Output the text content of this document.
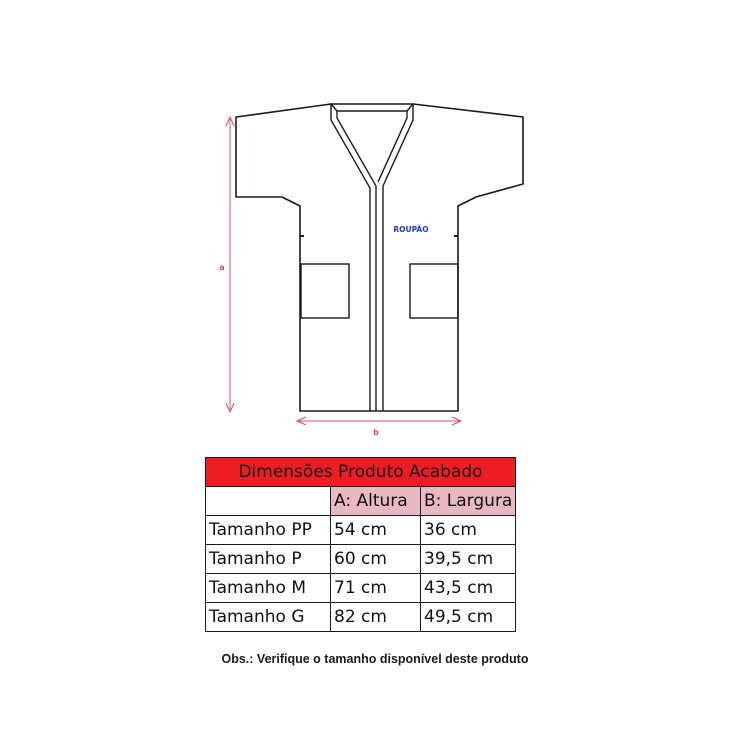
ROUPÃO
a
b
Dimensões Produto Acabado		
	A: Altura	B: Largura
Tamanho PP	54 cm	36 cm
Tamanho P	60 cm	39,5 cm
Tamanho M	71 cm	43,5 cm
Tamanho G	82 cm	49,5 cm
Obs.: Verifique o tamanho disponível deste produto
